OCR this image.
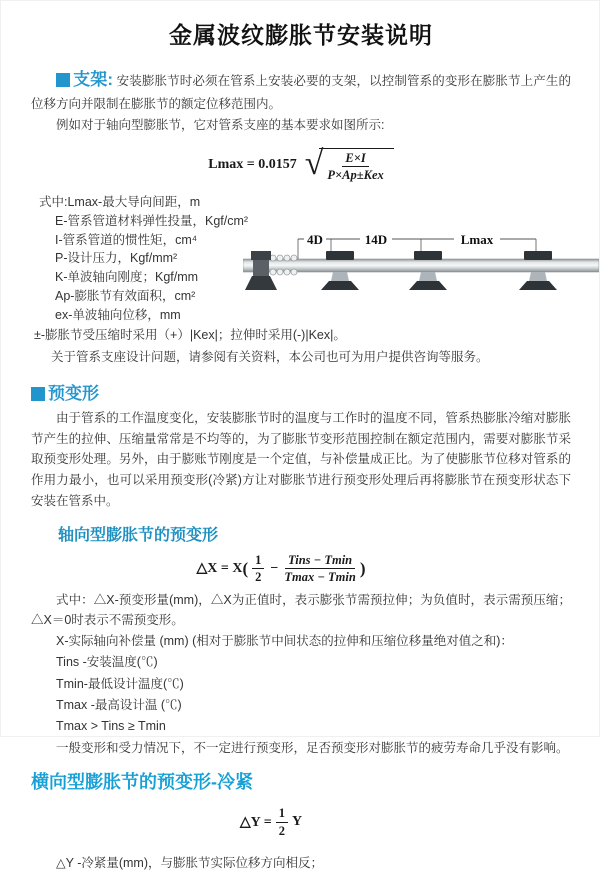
金属波纹膨胀节安装说明

支架: 安装膨胀节时必须在管系上安装必要的支架，以控制管系的变形在膨胀节上产生的位移方向并限制在膨胀节的额定位移范围内。

例如对于轴向型膨胀节，它对管系支座的基本要求如图所示:

Lmax = 0.0157 √ $\frac{E\times I}{\text{P×Ap±Kex}}$

式中:Lmax-最大导向间距，m

E-管系管道材料弹性投量，Kgf/cm²

I-管系管道的惯性矩，cm⁴

P-设计压力，Kgf/mm²

K-单波轴向刚度；Kgf/mm

Ap-膨胀节有效面积，cm²

ex-单波轴向位移，mm

±-膨胀节受压缩时采用（+）|Kex|；拉伸时采用(-)|Kex|。

关于管系支座设计问题，请参阅有关资料，本公司也可为用户提供咨询等服务。

4D	14D	Lmax
预变形

由于管系的工作温度变化，安装膨胀节时的温度与工作时的温度不同，管系热膨胀冷缩对膨胀节产生的拉伸、压缩量常常是不均等的，为了膨胀节变形范围控制在额定范围内，需要对膨胀节采取预变形处理。另外，由于膨账节刚度是一个定值，与补偿量成正比。为了使膨胀节位移对管系的作用力最小，也可以采用预变形(冷紧)方让对膨胀节进行预变形处理后再将膨胀节在预变形状态下安装在管系中。

轴向型膨胀节的预变形
△X = X ( $\frac{1}{2} - \frac{\text{Tins − Tmin}}{Tmax - Tmin}$ )

式中：△X-预变形量(mm)，△X为正值时，表示膨张节需预拉伸；为负值时，表示需预压缩；△X＝0时表示不需预变形。

X-实际轴向补偿量 (mm) (相对于膨胀节中间状态的拉伸和压缩位移量绝对值之和)：

Tins -安装温度(℃)

Tmin-最低设计温度(℃)

Tmax -最高设计温 (℃)

Tmax > Tins ≥ Tmin

一般变形和受力情况下，不一定进行预变形，足否预变形对膨胀节的疲劳寿命几乎没有影响。

横向型膨胀节的预变形-冷紧
△Y = $\frac{1}{2}$ Y

△Y -冷紧量(mm)，与膨胀节实际位移方向相反；
